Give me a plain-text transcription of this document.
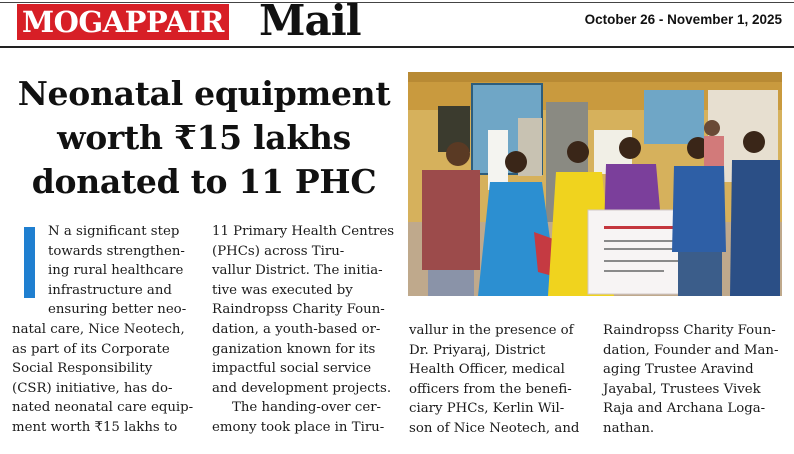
MOGAPPAIR Mail	October 26 - November 1, 2025
Neonatal equipment
worth ₹15 lakhs
donated to 11 PHC
N a significant step
towards strengthen-
ing rural healthcare
infrastructure and
ensuring better neo-
natal care, Nice Neotech,
as part of its Corporate
Social Responsibility
(CSR) initiative, has do-
nated neonatal care equip-
ment worth ₹15 lakhs to
11 Primary Health Centres
(PHCs) across Tiru-
vallur District. The initia-
tive was executed by
Raindropss Charity Foun-
dation, a youth-based or-
ganization known for its
impactful social service
and development projects.
The handing-over cer-
emony took place in Tiru-
vallur in the presence of
Dr. Priyaraj, District
Health Officer, medical
officers from the benefi-
ciary PHCs, Kerlin Wil-
son of Nice Neotech, and
Raindropss Charity Foun-
dation, Founder and Man-
aging Trustee Aravind
Jayabal, Trustees Vivek
Raja and Archana Loga-
nathan.
